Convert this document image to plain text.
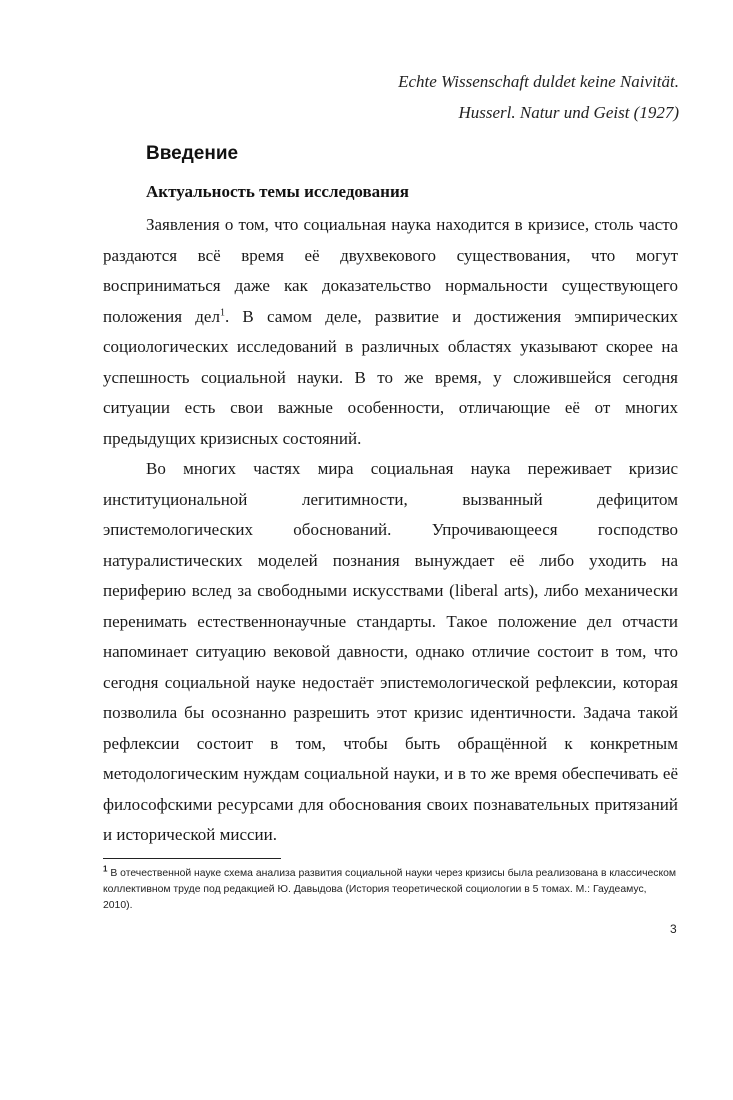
Echte Wissenschaft duldet keine Naivität.
Husserl. Natur und Geist (1927)
Введение
Актуальность темы исследования

Заявления о том, что социальная наука находится в кризисе, столь часто раздаются всё время её двухвекового существования, что могут восприниматься даже как доказательство нормальности существующего положения дел$^1$. В самом деле, развитие и достижения эмпирических социологических исследований в различных областях указывают скорее на успешность социальной науки. В то же время, у сложившейся сегодня ситуации есть свои важные особенности, отличающие её от многих предыдущих кризисных состояний.

Во многих частях мира социальная наука переживает кризис институциональной легитимности, вызванный дефицитом эпистемологических обоснований. Упрочивающееся господство натуралистических моделей познания вынуждает её либо уходить на периферию вслед за свободными искусствами (liberal arts), либо механически перенимать естественнонаучные стандарты. Такое положение дел отчасти напоминает ситуацию вековой давности, однако отличие состоит в том, что сегодня социальной науке недостаёт эпистемологической рефлексии, которая позволила бы осознанно разрешить этот кризис идентичности. Задача такой рефлексии состоит в том, чтобы быть обращённой к конкретным методологическим нуждам социальной науки, и в то же время обеспечивать её философскими ресурсами для обоснования своих познавательных притязаний и исторической миссии.

$^1$ В отечественной науке схема анализа развития социальной науки через кризисы была реализована в классическом коллективном труде под редакцией Ю. Давыдова (История теоретической социологии в 5 томах. М.: Гаудеамус, 2010).
3
